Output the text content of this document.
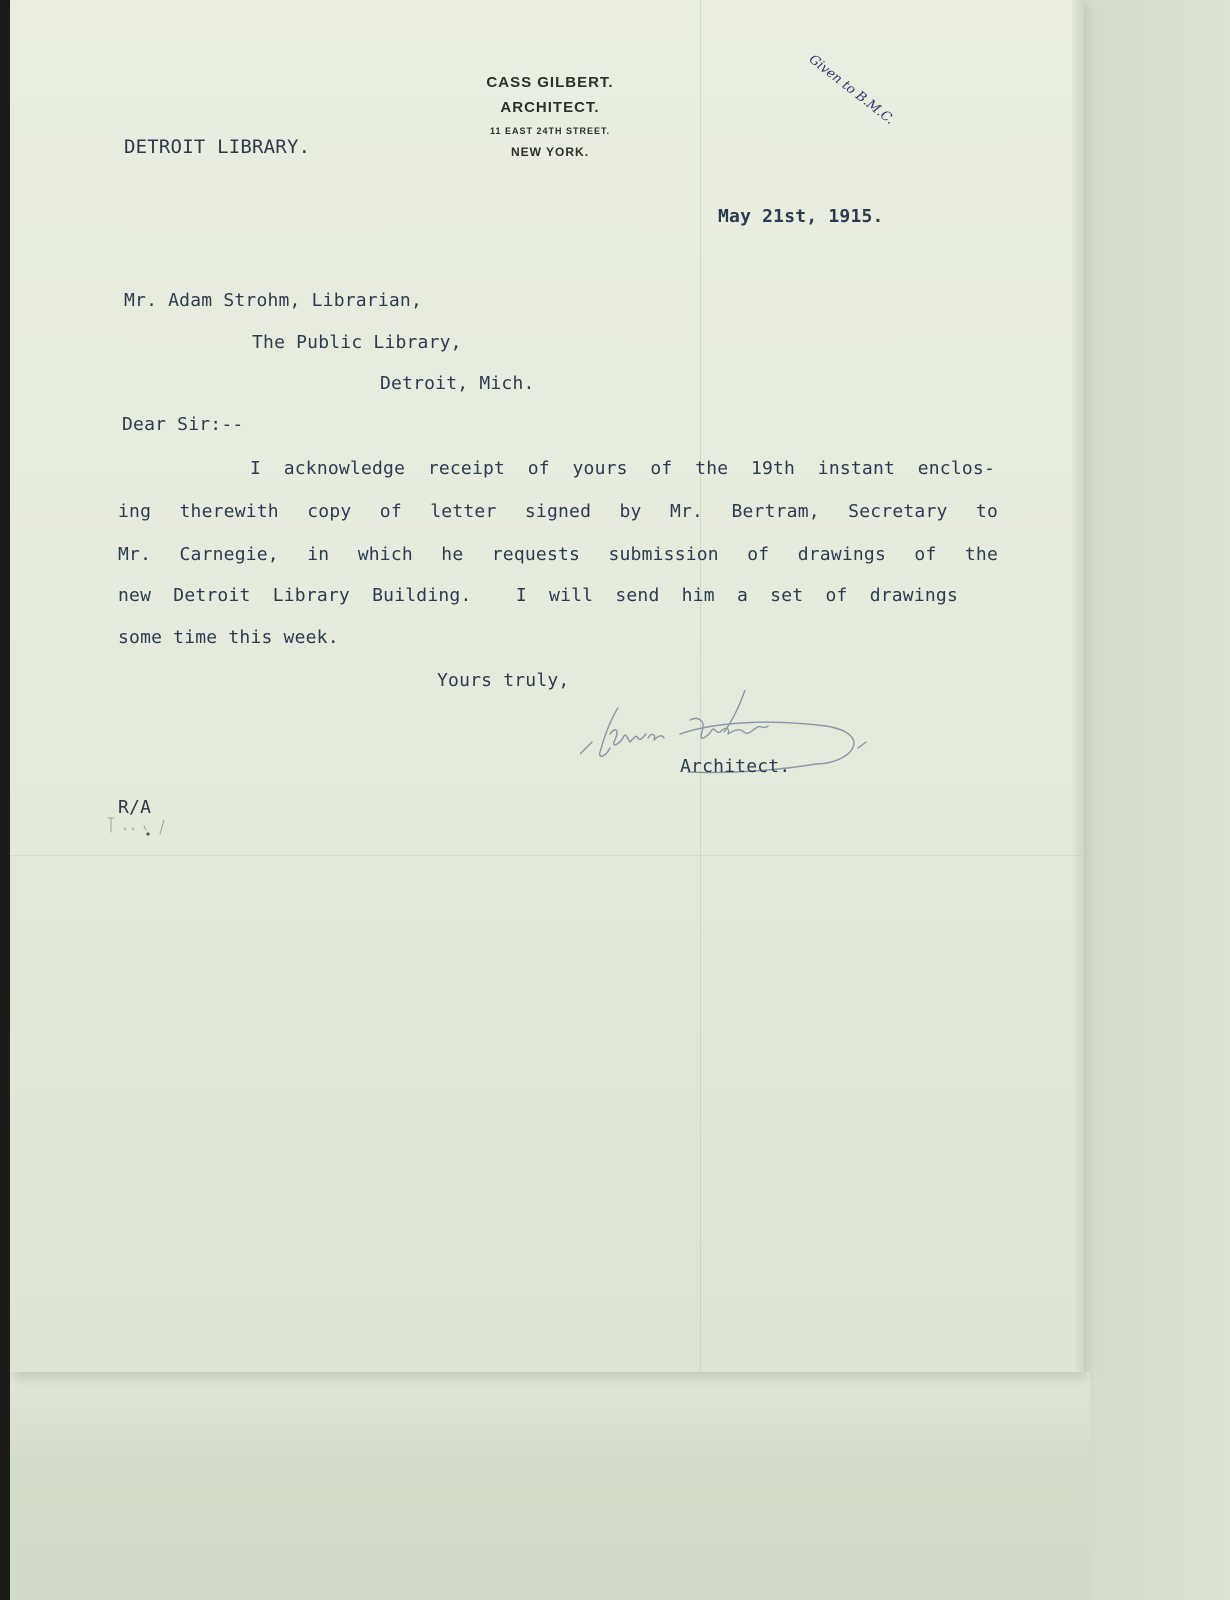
CASS GILBERT.
ARCHITECT.
11 EAST 24TH STREET.
NEW YORK.
Given to B.M.C.
DETROIT LIBRARY.
May 21st, 1915.
Mr. Adam Strohm, Librarian,
The Public Library,
Detroit, Mich.
Dear Sir:--
I acknowledge receipt of yours of the 19th instant enclos-
ing therewith copy of letter signed by Mr. Bertram, Secretary to
Mr. Carnegie, in which he requests submission of drawings of the
new Detroit Library Building.  I will send him a set of drawings
some time this week.
Yours truly,
Architect.
R/A
